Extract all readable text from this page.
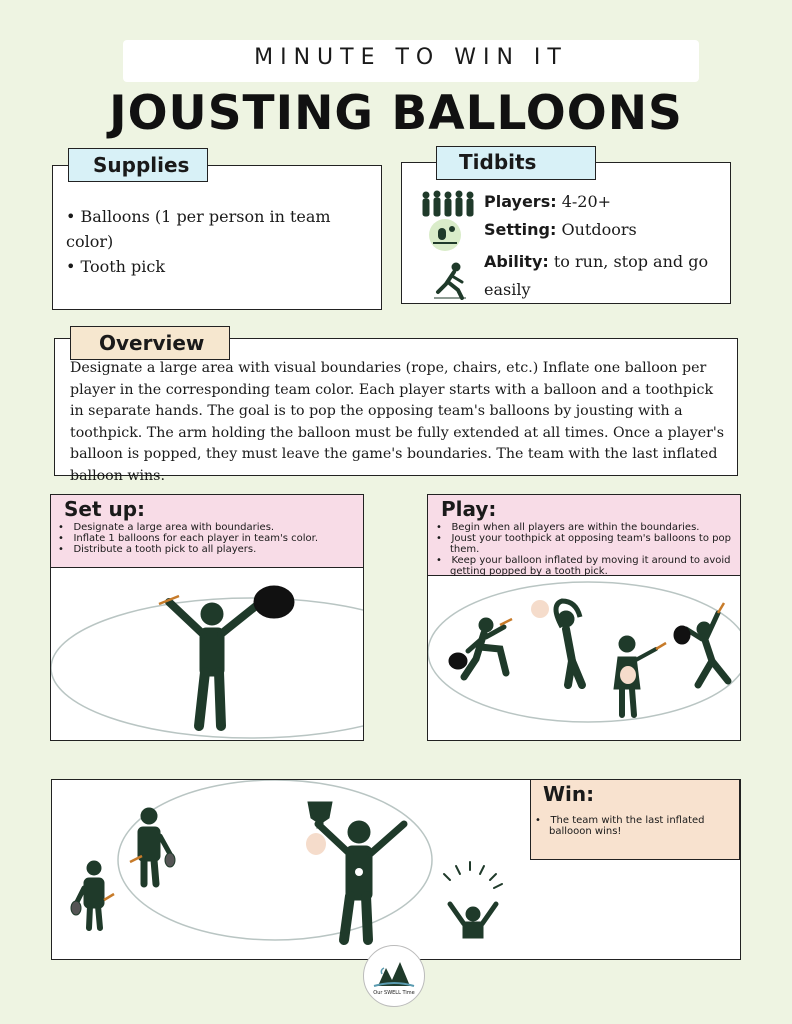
MINUTE TO WIN IT
JOUSTING BALLOONS
Supplies
• Balloons (1 per person in team color)
• Tooth pick
Tidbits
Players: 4-20+
Setting: Outdoors
Ability: to run, stop and go
easily
Overview
Designate a large area with visual boundaries (rope, chairs, etc.) Inflate one balloon per player in the corresponding team color. Each player starts with a balloon and a toothpick in separate hands. The goal is to pop the opposing team's balloons by jousting with a toothpick. The arm holding the balloon must be fully extended at all times. Once a player's balloon is popped, they must leave the game's boundaries. The team with the last inflated balloon wins.
Set up:
•   Designate a large area with boundaries.
•   Inflate 1 balloons for each player in team's color.
•   Distribute a tooth pick to all players.
Play:
•   Begin when all players are within the boundaries.
•   Joust your toothpick at opposing team's balloons to pop them.
•   Keep your balloon inflated by moving it around to avoid getting popped by a tooth pick.
Win:
•   The team with the last inflated ballooon wins!
Our SWELL Time
